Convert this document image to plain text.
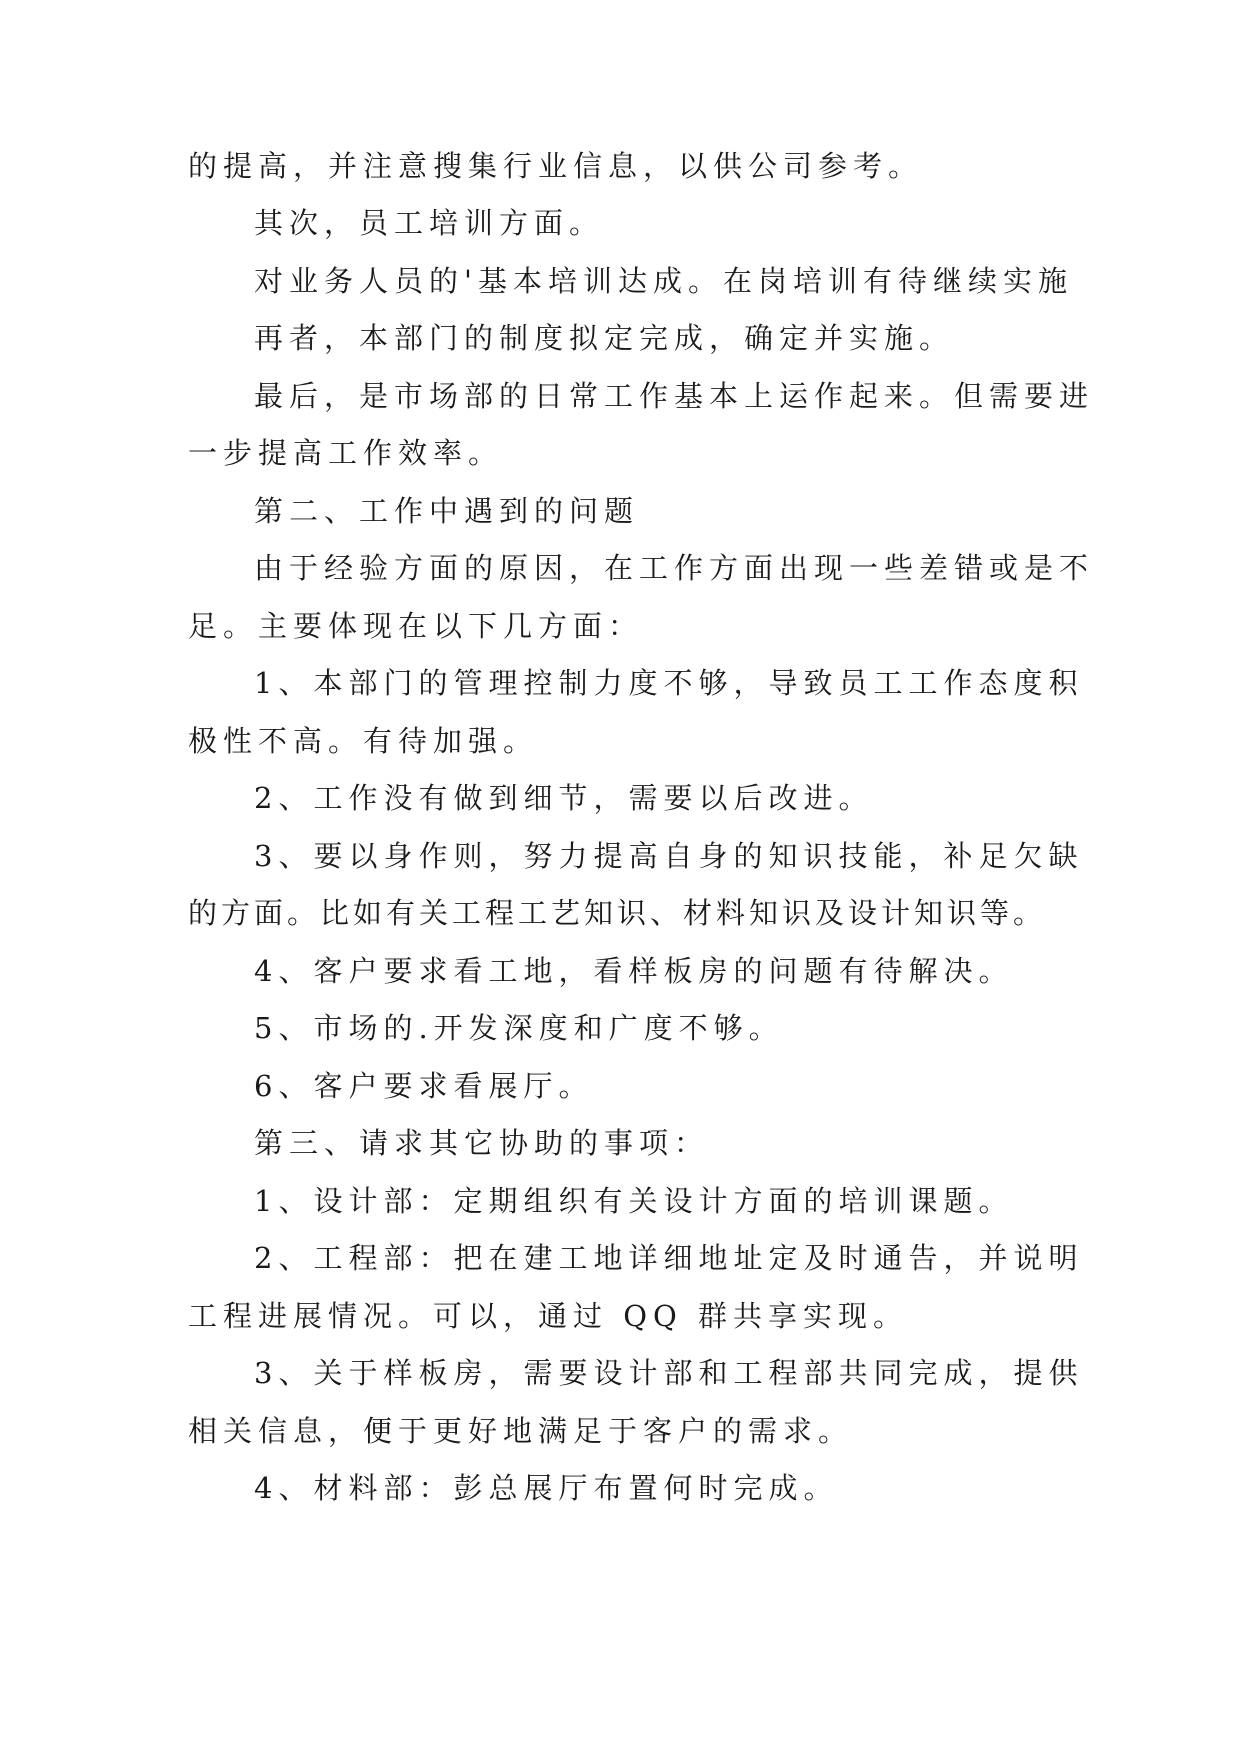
的提高，并注意搜集行业信息，以供公司参考。

其次，员工培训方面。

对业务人员的'基本培训达成。在岗培训有待继续实施

再者，本部门的制度拟定完成，确定并实施。

最后，是市场部的日常工作基本上运作起来。但需要进

一步提高工作效率。

第二、工作中遇到的问题

由于经验方面的原因，在工作方面出现一些差错或是不

足。主要体现在以下几方面：

1、本部门的管理控制力度不够，导致员工工作态度积

极性不高。有待加强。

2、工作没有做到细节，需要以后改进。

3、要以身作则，努力提高自身的知识技能，补足欠缺

的方面。比如有关工程工艺知识、材料知识及设计知识等。

4、客户要求看工地，看样板房的问题有待解决。

5、市场的.开发深度和广度不够。

6、客户要求看展厅。

第三、请求其它协助的事项：

1、设计部：定期组织有关设计方面的培训课题。

2、工程部：把在建工地详细地址定及时通告，并说明

工程进展情况。可以，通过 QQ 群共享实现。

3、关于样板房，需要设计部和工程部共同完成，提供

相关信息，便于更好地满足于客户的需求。

4、材料部：彭总展厅布置何时完成。
